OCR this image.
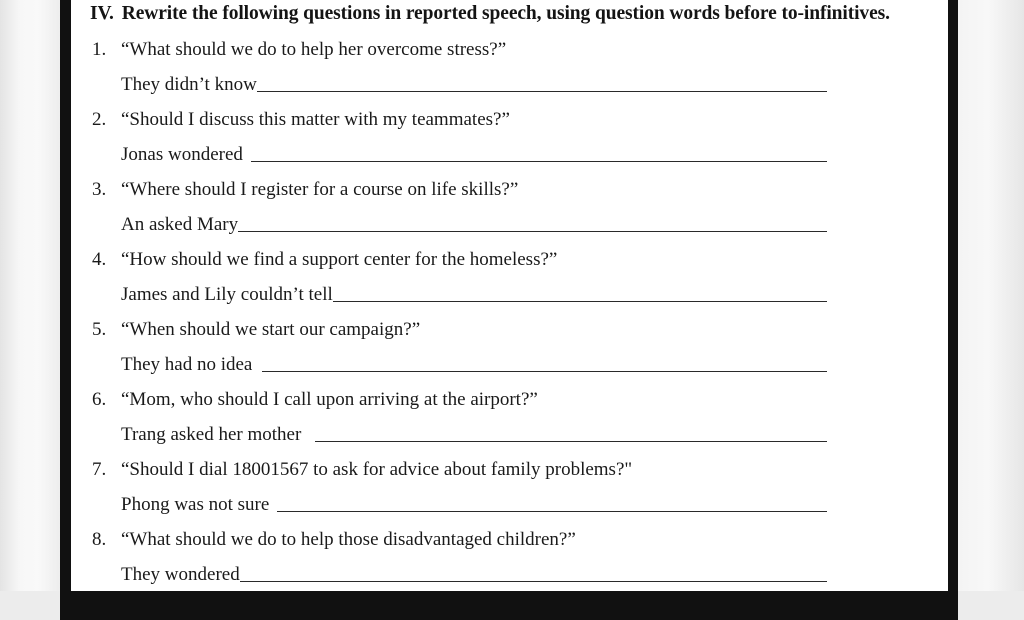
IV. Rewrite the following questions in reported speech, using question words before to-infinitives.
1. “What should we do to help her overcome stress?”
They didn’t know
2. “Should I discuss this matter with my teammates?”
Jonas wondered
3. “Where should I register for a course on life skills?”
An asked Mary
4. “How should we find a support center for the homeless?”
James and Lily couldn’t tell
5. “When should we start our campaign?”
They had no idea
6. “Mom, who should I call upon arriving at the airport?”
Trang asked her mother
7. “Should I dial 18001567 to ask for advice about family problems?"
Phong was not sure
8. “What should we do to help those disadvantaged children?”
They wondered
